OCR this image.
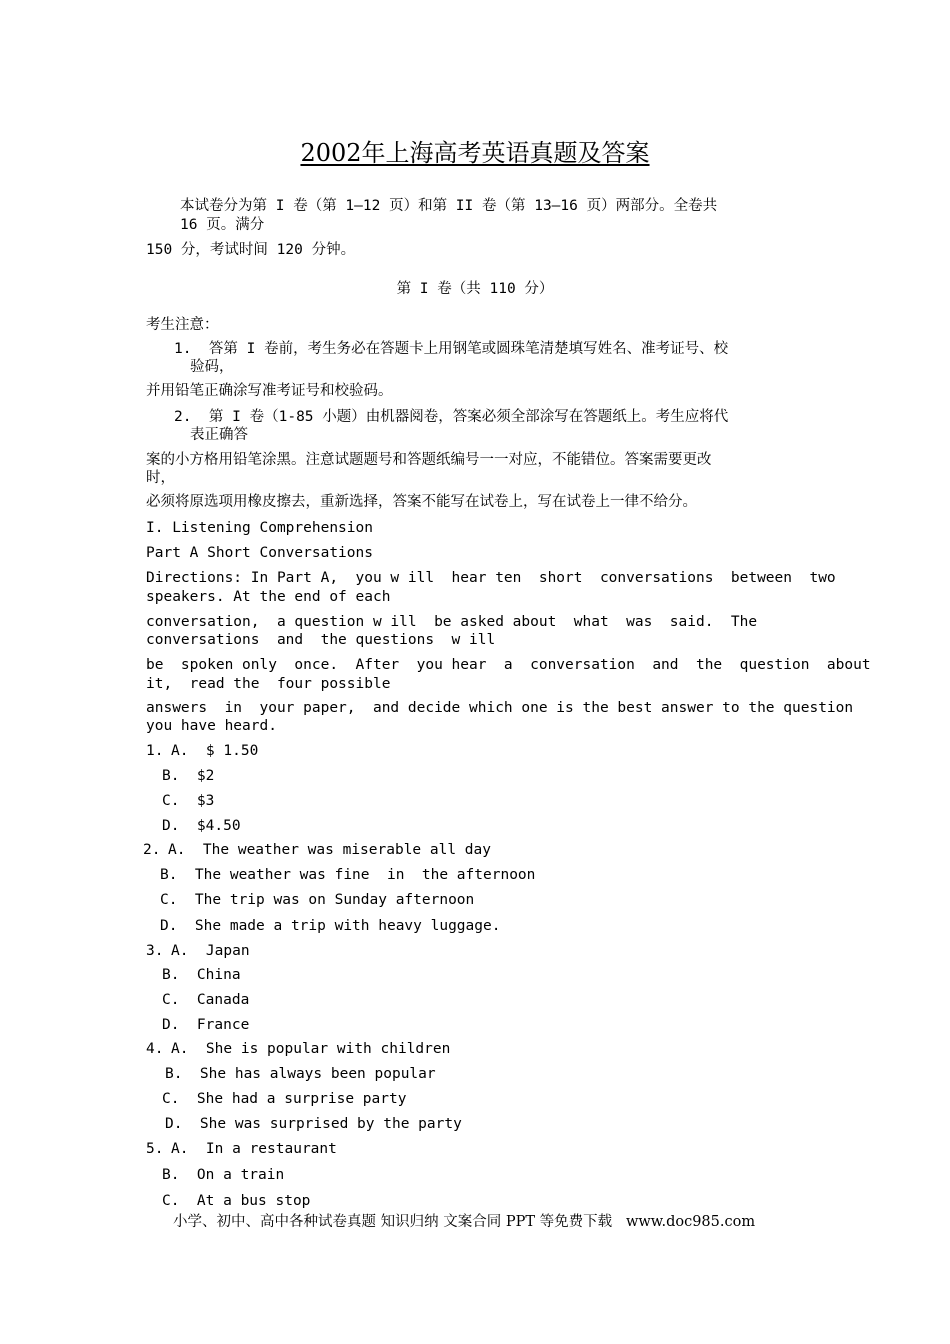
2002年上海高考英语真题及答案
本试卷分为第 I 卷（第 1—12 页）和第 II 卷（第 13—16 页）两部分。全卷共
16 页。满分
150 分，考试时间 120 分钟。
第 I 卷（共 110 分）
考生注意：
1.  答第 I 卷前，考生务必在答题卡上用钢笔或圆珠笔清楚填写姓名、准考证号、校
验码，
并用铅笔正确涂写准考证号和校验码。
2.  第 I 卷（1-85 小题）由机器阅卷，答案必须全部涂写在答题纸上。考生应将代
表正确答
案的小方格用铅笔涂黑。注意试题题号和答题纸编号一一对应，不能错位。答案需要更改
时，
必须将原选项用橡皮擦去，重新选择，答案不能写在试卷上，写在试卷上一律不给分。
I. Listening Comprehension
Part A Short Conversations
Directions: In Part A,  you w ill  hear ten  short  conversations  between  two
speakers. At the end of each
conversation,  a question w ill  be asked about  what  was  said.  The
conversations  and  the questions  w ill
be  spoken only  once.  After  you hear  a  conversation  and  the  question  about
it,  read the  four possible
answers  in  your paper,  and decide which one is the best answer to the question
you have heard.
1. A.  $ 1.50
B.  $2
C.  $3
D.  $4.50
2. A.  The weather was miserable all day
B.  The weather was fine  in  the afternoon
C.  The trip was on Sunday afternoon
D.  She made a trip with heavy luggage.
3. A.  Japan
B.  China
C.  Canada
D.  France
4. A.  She is popular with children
B.  She has always been popular
C.  She had a surprise party
D.  She was surprised by the party
5. A.  In a restaurant
B.  On a train
C.  At a bus stop
小学、初中、高中各种试卷真题 知识归纳 文案合同 PPT 等免费下载   www.doc985.com
